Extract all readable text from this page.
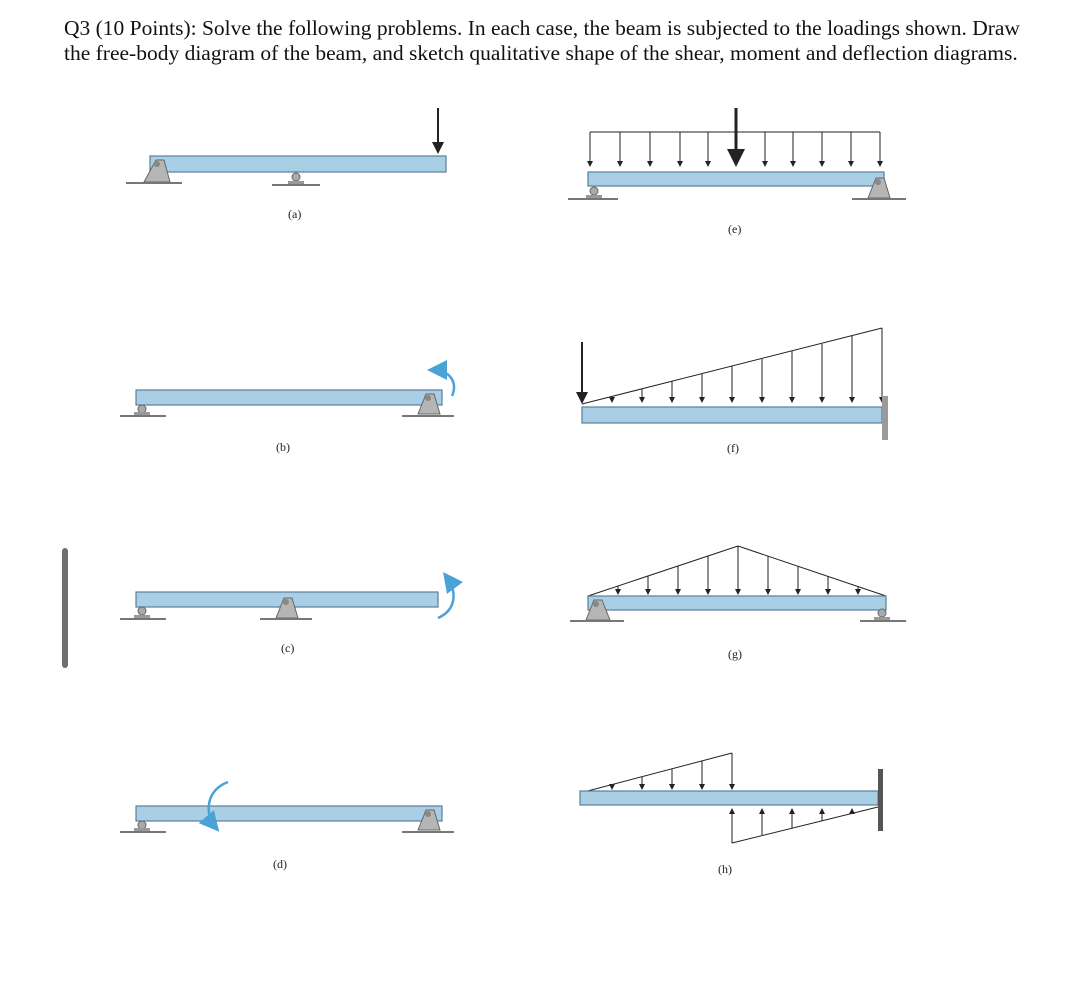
Q3 (10 Points): Solve the following problems. In each case, the beam is subjected to the loadings shown. Draw the free-body diagram of the beam, and sketch qualitative shape of the shear, moment and deflection diagrams.

(a)
(e)
(b)	(f)
(c)	(g)
(d)	(h)
